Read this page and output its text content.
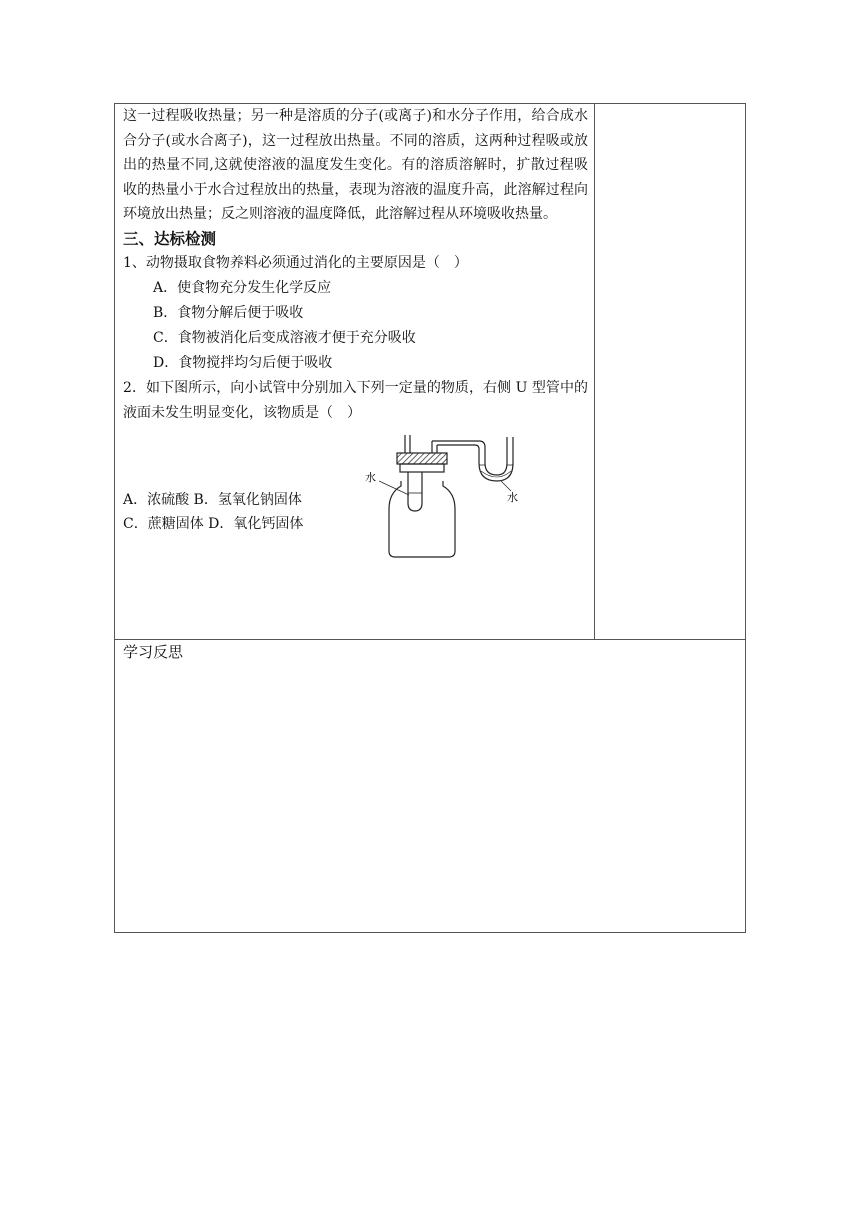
这一过程吸收热量；另一种是溶质的分子(或离子)和水分子作用，给合成水合分子(或水合离子)，这一过程放出热量。不同的溶质，这两种过程吸或放出的热量不同,这就使溶液的温度发生变化。有的溶质溶解时，扩散过程吸收的热量小于水合过程放出的热量，表现为溶液的温度升高，此溶解过程向环境放出热量；反之则溶液的温度降低，此溶解过程从环境吸收热量。

三、达标检测

1、动物摄取食物养料必须通过消化的主要原因是（　）

A．使食物充分发生化学反应

B．食物分解后便于吸收

C．食物被消化后变成溶液才便于充分吸收

D．食物搅拌均匀后便于吸收

2．如下图所示，向小试管中分别加入下列一定量的物质，右侧 U 型管中的液面未发生明显变化，该物质是（　）

A．浓硫酸 B．氢氧化钠固体
C．蔗糖固体 D．氧化钙固体
水
水
学习反思
